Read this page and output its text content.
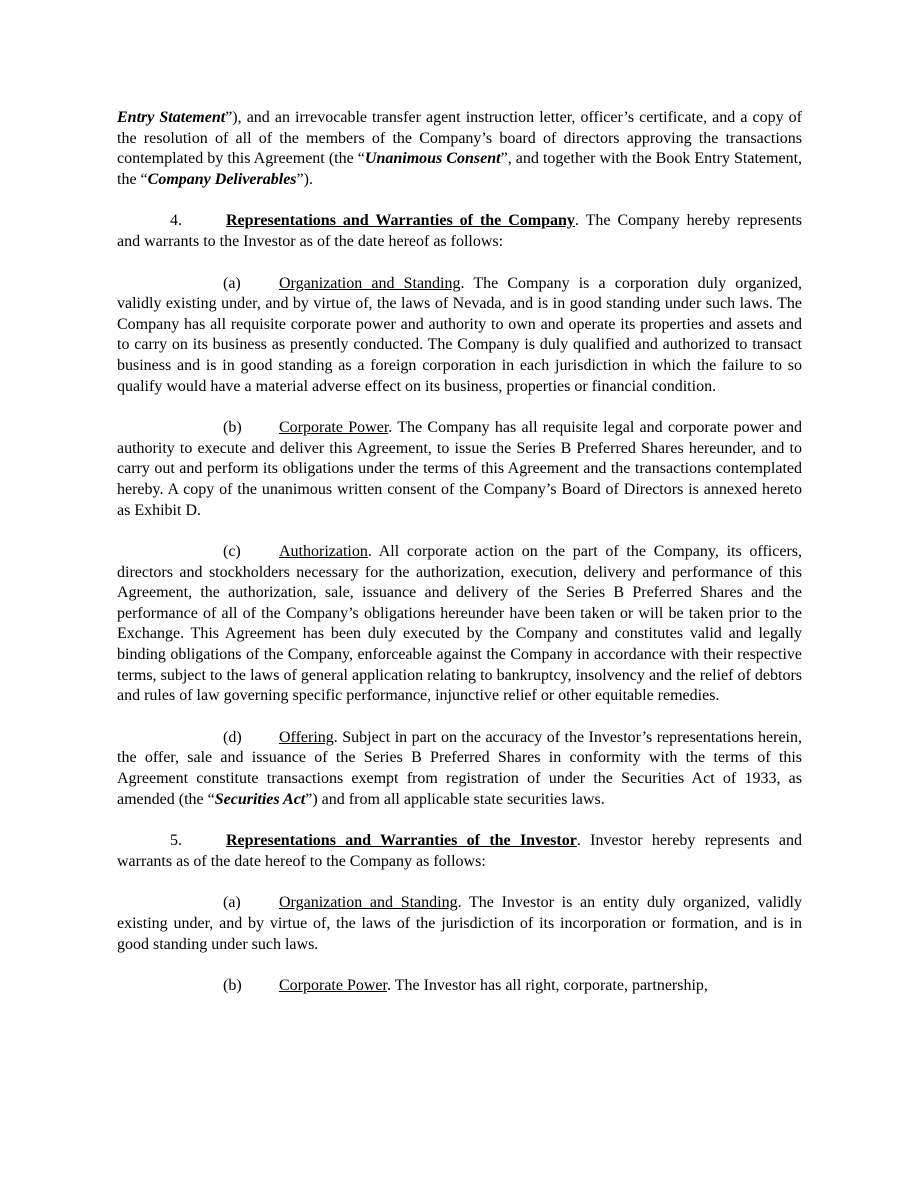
Entry Statement”), and an irrevocable transfer agent instruction letter, officer’s certificate, and a copy of the resolution of all of the members of the Company’s board of directors approving the transactions contemplated by this Agreement (the “Unanimous Consent”, and together with the Book Entry Statement, the “Company Deliverables”).

4.	Representations and Warranties of the Company. The Company hereby represents and warrants to the Investor as of the date hereof as follows:

(a) Organization and Standing. The Company is a corporation duly organized, validly existing under, and by virtue of, the laws of Nevada, and is in good standing under such laws. The Company has all requisite corporate power and authority to own and operate its properties and assets and to carry on its business as presently conducted. The Company is duly qualified and authorized to transact business and is in good standing as a foreign corporation in each jurisdiction in which the failure to so qualify would have a material adverse effect on its business, properties or financial condition.

(b) Corporate Power. The Company has all requisite legal and corporate power and authority to execute and deliver this Agreement, to issue the Series B Preferred Shares hereunder, and to carry out and perform its obligations under the terms of this Agreement and the transactions contemplated hereby. A copy of the unanimous written consent of the Company’s Board of Directors is annexed hereto as Exhibit D.

(c) Authorization. All corporate action on the part of the Company, its officers, directors and stockholders necessary for the authorization, execution, delivery and performance of this Agreement, the authorization, sale, issuance and delivery of the Series B Preferred Shares and the performance of all of the Company’s obligations hereunder have been taken or will be taken prior to the Exchange. This Agreement has been duly executed by the Company and constitutes valid and legally binding obligations of the Company, enforceable against the Company in accordance with their respective terms, subject to the laws of general application relating to bankruptcy, insolvency and the relief of debtors and rules of law governing specific performance, injunctive relief or other equitable remedies.

(d) Offering. Subject in part on the accuracy of the Investor’s representations herein, the offer, sale and issuance of the Series B Preferred Shares in conformity with the terms of this Agreement constitute transactions exempt from registration of under the Securities Act of 1933, as amended (the “Securities Act”) and from all applicable state securities laws.

5.	Representations and Warranties of the Investor. Investor hereby represents and warrants as of the date hereof to the Company as follows:

(a) Organization and Standing. The Investor is an entity duly organized, validly existing under, and by virtue of, the laws of the jurisdiction of its incorporation or formation, and is in good standing under such laws.

(b) Corporate Power. The Investor has all right, corporate, partnership,
